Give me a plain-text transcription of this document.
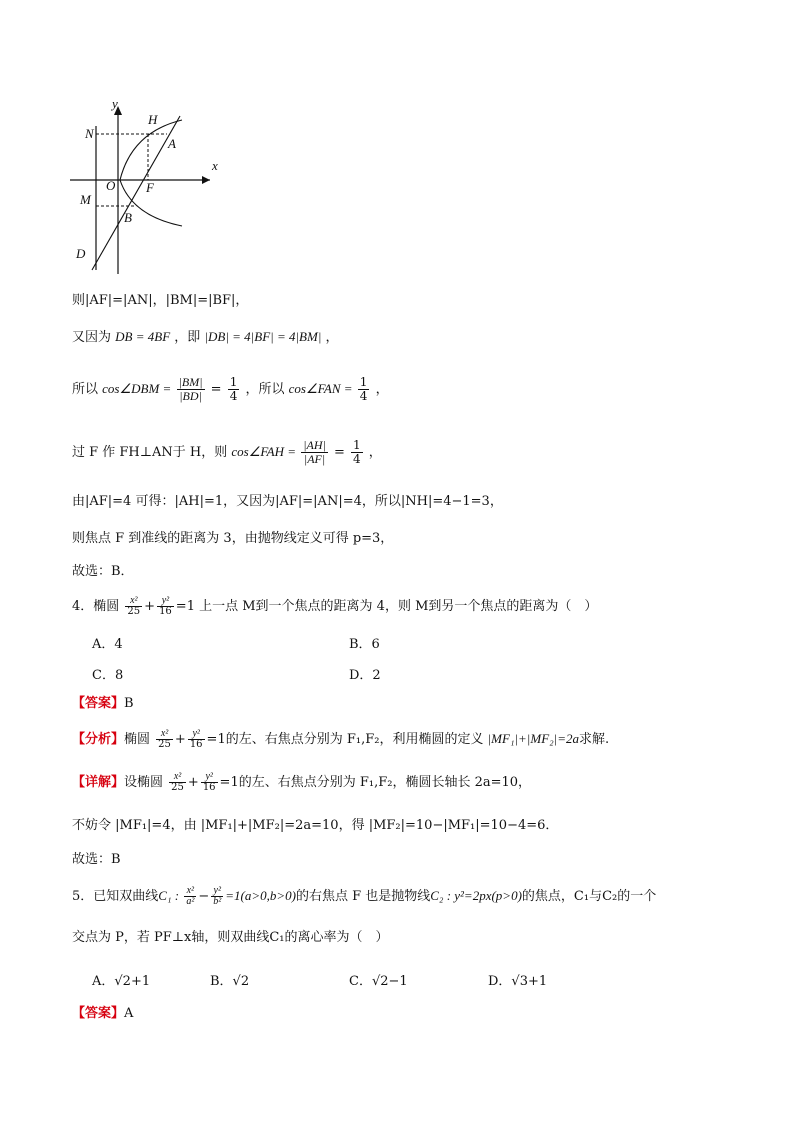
y
x
H
N
A
O F
M
B
D
则|AF|=|AN|，|BM|=|BF|，
又因为 DB = 4BF ，即 |DB| = 4|BF| = 4|BM| ，
所以 cos∠DBM = $\frac{|BM|}{|BD|} = \frac{1}{4}$ ，所以 cos∠FAN = $\frac{1}{4}$ ，
过 F 作 FH⊥AN于 H，则 cos∠FAH = $\frac{|AH|}{|AF|} = \frac{1}{4}$ ，
由|AF|=4 可得：|AH|=1，又因为|AF|=|AN|=4，所以|NH|=4−1=3，
则焦点 F 到准线的距离为 3，由抛物线定义可得 p=3，
故选：B．
4．椭圆 $\frac{\text{x²}}{25} + \frac{\text{y²}}{16} =1$ 上一点 M到一个焦点的距离为 4，则 M到另一个焦点的距离为（　）
A．4	B．6
C．8	D．2
【答案】B
【分析】椭圆 $\frac{\text{x²}}{25} + \frac{\text{y²}}{16} =1$的左、右焦点分别为 F₁,F₂，利用椭圆的定义 |MF₁|+|MF₂|=2a求解.
【详解】设椭圆 $\frac{\text{x²}}{25} + \frac{\text{y²}}{16} =1$的左、右焦点分别为 F₁,F₂，椭圆长轴长 2a=10，
不妨令 |MF₁|=4，由 |MF₁|+|MF₂|=2a=10，得 |MF₂|=10−|MF₁|=10−4=6．
故选：B
5．已知双曲线C₁ : $\frac{\text{x²}}{\text{a²}} - \frac{\text{y²}}{\text{b²}} =1(a>0,b>0)$的右焦点 F 也是抛物线C₂ : y²=2px(p>0)的焦点，C₁与C₂的一个
交点为 P，若 PF⊥x轴，则双曲线C₁的离心率为（　）
A．√2+1	B．√2	C．√2−1	D．√3+1
【答案】A
